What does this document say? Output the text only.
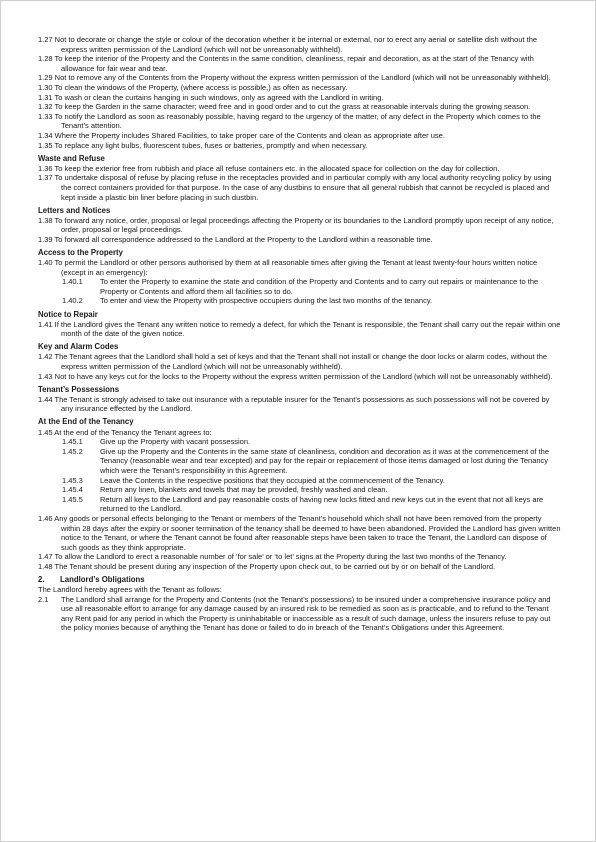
1.27 Not to decorate or change the style or colour of the decoration whether it be internal or external, nor to erect any aerial or satellite dish without the express written permission of the Landlord (which will not be unreasonably withheld).

1.28 To keep the interior of the Property and the Contents in the same condition, cleanliness, repair and decoration, as at the start of the Tenancy with allowance for fair wear and tear.

1.29 Not to remove any of the Contents from the Property without the express written permission of the Landlord (which will not be unreasonably withheld).

1.30 To clean the windows of the Property, (where access is possible,) as often as necessary.

1.31 To wash or clean the curtains hanging in such windows, only as agreed with the Landlord in writing.

1.32 To keep the Garden in the same character; weed free and in good order and to cut the grass at reasonable intervals during the growing season.

1.33 To notify the Landlord as soon as reasonably possible, having regard to the urgency of the matter, of any defect in the Property which comes to the Tenant’s attention.

1.34 Where the Property includes Shared Facilities, to take proper care of the Contents and clean as appropriate after use.

1.35 To replace any light bulbs, fluorescent tubes, fuses or batteries, promptly and when necessary.

Waste and Refuse

1.36 To keep the exterior free from rubbish and place all refuse containers etc. in the allocated space for collection on the day for collection.

1.37 To undertake disposal of refuse by placing refuse in the receptacles provided and in particular comply with any local authority recycling policy by using the correct containers provided for that purpose. In the case of any dustbins to ensure that all general rubbish that cannot be recycled is placed and kept inside a plastic bin liner before placing in such dustbin.

Letters and Notices

1.38 To forward any notice, order, proposal or legal proceedings affecting the Property or its boundaries to the Landlord promptly upon receipt of any notice, order, proposal or legal proceedings.

1.39 To forward all correspondence addressed to the Landlord at the Property to the Landlord within a reasonable time.

Access to the Property

1.40 To permit the Landlord or other persons authorised by them at all reasonable times after giving the Tenant at least twenty-four hours written notice (except in an emergency):

1.40.1 To enter the Property to examine the state and condition of the Property and Contents and to carry out repairs or maintenance to the Property or Contents and afford them all facilities so to do.

1.40.2 To enter and view the Property with prospective occupiers during the last two months of the tenancy.

Notice to Repair

1.41 If the Landlord gives the Tenant any written notice to remedy a defect, for which the Tenant is responsible, the Tenant shall carry out the repair within one month of the date of the given notice.

Key and Alarm Codes

1.42 The Tenant agrees that the Landlord shall hold a set of keys and that the Tenant shall not install or change the door locks or alarm codes, without the express written permission of the Landlord (which will not be unreasonably withheld).

1.43 Not to have any keys cut for the locks to the Property without the express written permission of the Landlord (which will not be unreasonably withheld).

Tenant’s Possessions

1.44 The Tenant is strongly advised to take out insurance with a reputable insurer for the Tenant’s possessions as such possessions will not be covered by any insurance effected by the Landlord.

At the End of the Tenancy

1.45 At the end of the Tenancy the Tenant agrees to:

1.45.1 Give up the Property with vacant possession.

1.45.2 Give up the Property and the Contents in the same state of cleanliness, condition and decoration as it was at the commencement of the Tenancy (reasonable wear and tear excepted) and pay for the repair or replacement of those items damaged or lost during the Tenancy which were the Tenant’s responsibility in this Agreement.

1.45.3 Leave the Contents in the respective positions that they occupied at the commencement of the Tenancy.

1.45.4 Return any linen, blankets and towels that may be provided, freshly washed and clean.

1.45.5 Return all keys to the Landlord and pay reasonable costs of having new locks fitted and new keys cut in the event that not all keys are returned to the Landlord.

1.46 Any goods or personal effects belonging to the Tenant or members of the Tenant’s household which shall not have been removed from the property within 28 days after the expiry or sooner termination of the tenancy shall be deemed to have been abandoned. Provided the Landlord has given written notice to the Tenant, or where the Tenant cannot be found after reasonable steps have been taken to trace the Tenant, the Landlord can dispose of such goods as they think appropriate.

1.47 To allow the Landlord to erect a reasonable number of ‘for sale’ or ‘to let’ signs at the Property during the last two months of the Tenancy.

1.48 The Tenant should be present during any inspection of the Property upon check out, to be carried out by or on behalf of the Landlord.

2. Landlord’s Obligations

The Landlord hereby agrees with the Tenant as follows:

2.1 The Landlord shall arrange for the Property and Contents (not the Tenant’s possessions) to be insured under a comprehensive insurance policy and use all reasonable effort to arrange for any damage caused by an insured risk to be remedied as soon as is practicable, and to refund to the Tenant any Rent paid for any period in which the Property is uninhabitable or inaccessible as a result of such damage, unless the insurers refuse to pay out the policy monies because of anything the Tenant has done or failed to do in breach of the Tenant’s Obligations under this Agreement.
